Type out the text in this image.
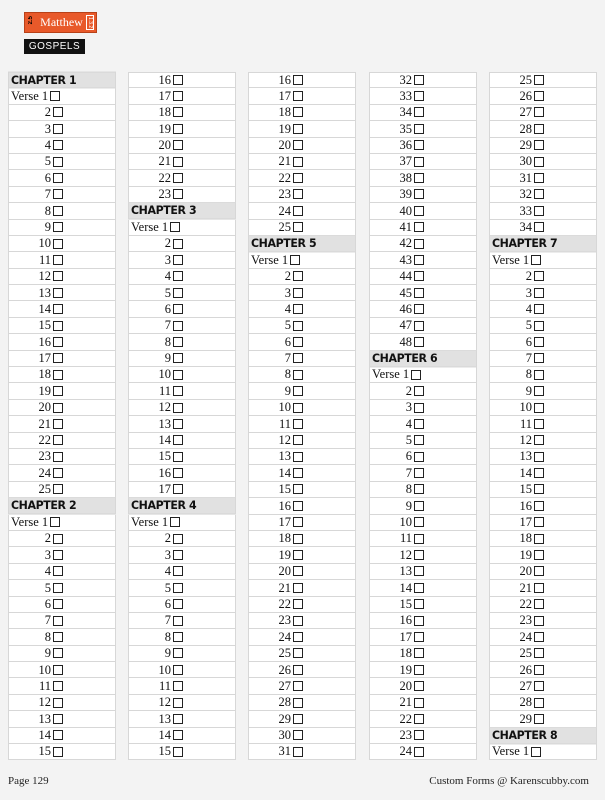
2.5 Matthew 1.3.2
GOSPELS
CHAPTER 1
Verse 1
2
3
4
5
6
7
8
9
10
11
12
13
14
15
16
17
18
19
20
21
22
23
24
25
CHAPTER 2
Verse 1
2
3
4
5
6
7
8
9
10
11
12
13
14
15
16
17
18
19
20
21
22
23
CHAPTER 3
Verse 1
2
3
4
5
6
7
8
9
10
11
12
13
14
15
16
17
CHAPTER 4
Verse 1
2
3
4
5
6
7
8
9
10
11
12
13
14
15
16
17
18
19
20
21
22
23
24
25
CHAPTER 5
Verse 1
2
3
4
5
6
7
8
9
10
11
12
13
14
15
16
17
18
19
20
21
22
23
24
25
26
27
28
29
30
31
32
33
34
35
36
37
38
39
40
41
42
43
44
45
46
47
48
CHAPTER 6
Verse 1
2
3
4
5
6
7
8
9
10
11
12
13
14
15
16
17
18
19
20
21
22
23
24
25
26
27
28
29
30
31
32
33
34
CHAPTER 7
Verse 1
2
3
4
5
6
7
8
9
10
11
12
13
14
15
16
17
18
19
20
21
22
23
24
25
26
27
28
29
CHAPTER 8
Verse 1
Page 129	Custom Forms @ Karenscubby.com
